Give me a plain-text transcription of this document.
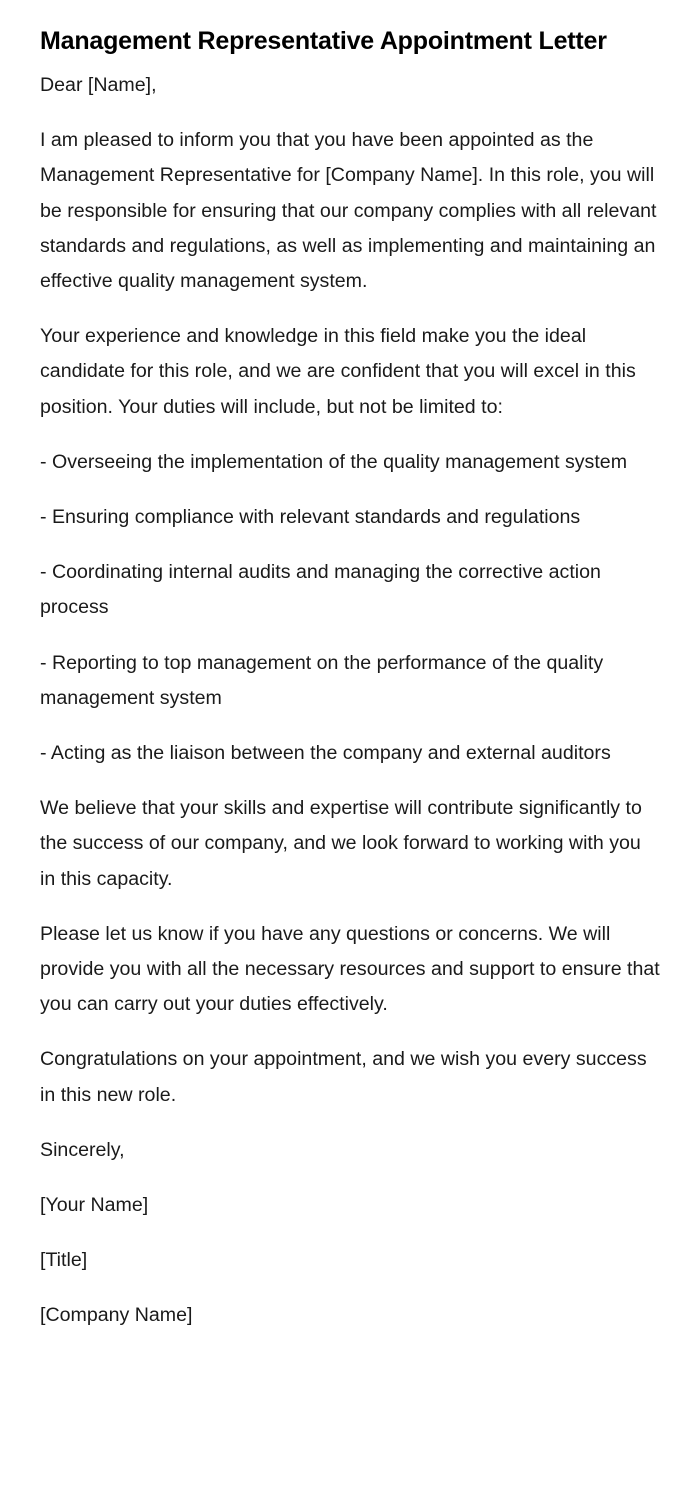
Management Representative Appointment Letter

Dear [Name],

I am pleased to inform you that you have been appointed as the Management Representative for [Company Name]. In this role, you will be responsible for ensuring that our company complies with all relevant standards and regulations, as well as implementing and maintaining an effective quality management system.

Your experience and knowledge in this field make you the ideal candidate for this role, and we are confident that you will excel in this position. Your duties will include, but not be limited to:

- Overseeing the implementation of the quality management system

- Ensuring compliance with relevant standards and regulations

- Coordinating internal audits and managing the corrective action process

- Reporting to top management on the performance of the quality management system

- Acting as the liaison between the company and external auditors

We believe that your skills and expertise will contribute significantly to the success of our company, and we look forward to working with you in this capacity.

Please let us know if you have any questions or concerns. We will provide you with all the necessary resources and support to ensure that you can carry out your duties effectively.

Congratulations on your appointment, and we wish you every success in this new role.

Sincerely,

[Your Name]

[Title]

[Company Name]
